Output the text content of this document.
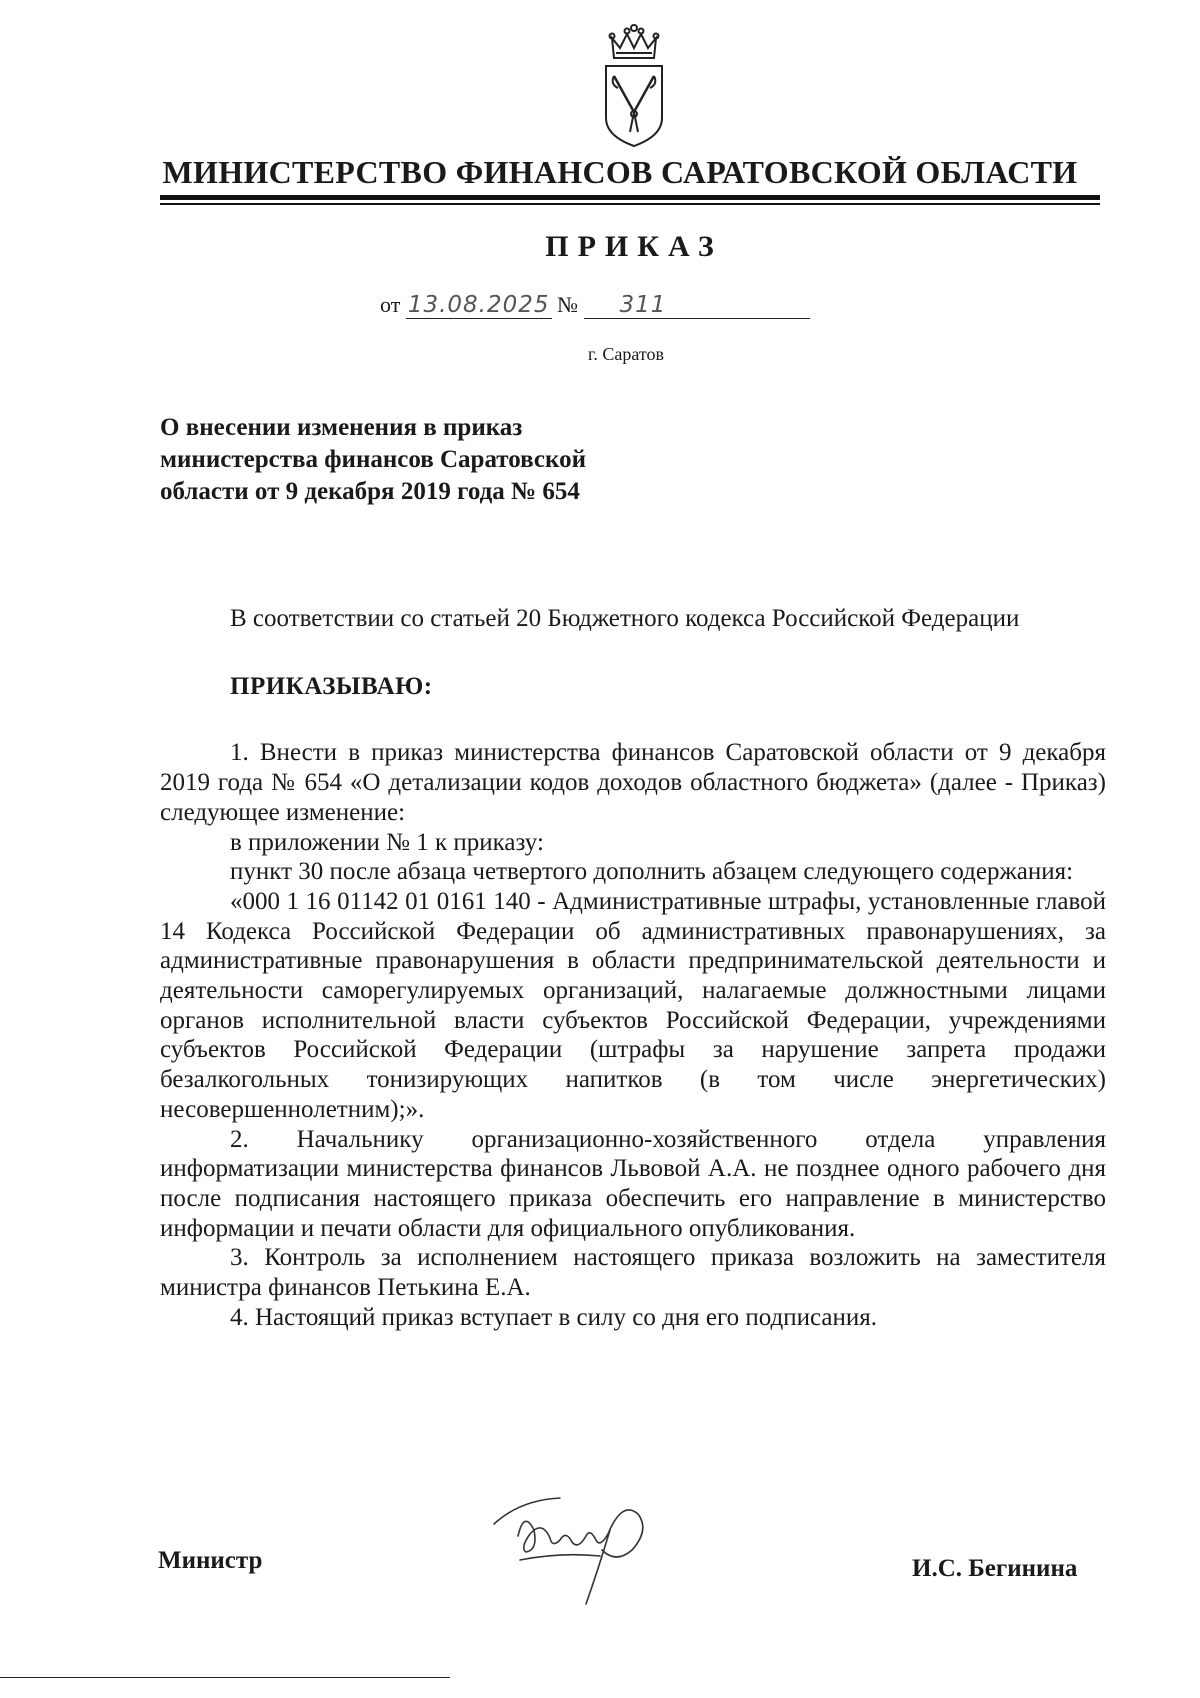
МИНИСТЕРСТВО ФИНАНСОВ САРАТОВСКОЙ ОБЛАСТИ
ПРИКАЗ
от 13.08.2025 № 311
г. Саратов
О внесении изменения в приказ
министерства финансов Саратовской
области от 9 декабря 2019 года № 654

В соответствии со статьей 20 Бюджетного кодекса Российской Федерации

ПРИКАЗЫВАЮ:

1. Внести в приказ министерства финансов Саратовской области от 9 декабря 2019 года № 654 «О детализации кодов доходов областного бюджета» (далее - Приказ) следующее изменение:

в приложении № 1 к приказу:

пункт 30 после абзаца четвертого дополнить абзацем следующего содержания:

«000 1 16 01142 01 0161 140 - Административные штрафы, установленные главой 14 Кодекса Российской Федерации об административных правонарушениях, за административные правонарушения в области предпринимательской деятельности и деятельности саморегулируемых организаций, налагаемые должностными лицами органов исполнительной власти субъектов Российской Федерации, учреждениями субъектов Российской Федерации (штрафы за нарушение запрета продажи безалкогольных тонизирующих напитков (в том числе энергетических) несовершеннолетним);».

2. Начальнику организационно-хозяйственного отдела управления информатизации министерства финансов Львовой А.А. не позднее одного рабочего дня после подписания настоящего приказа обеспечить его направление в министерство информации и печати области для официального опубликования.

3. Контроль за исполнением настоящего приказа возложить на заместителя министра финансов Петькина Е.А.

4. Настоящий приказ вступает в силу со дня его подписания.

Министр	И.С. Бегинина
